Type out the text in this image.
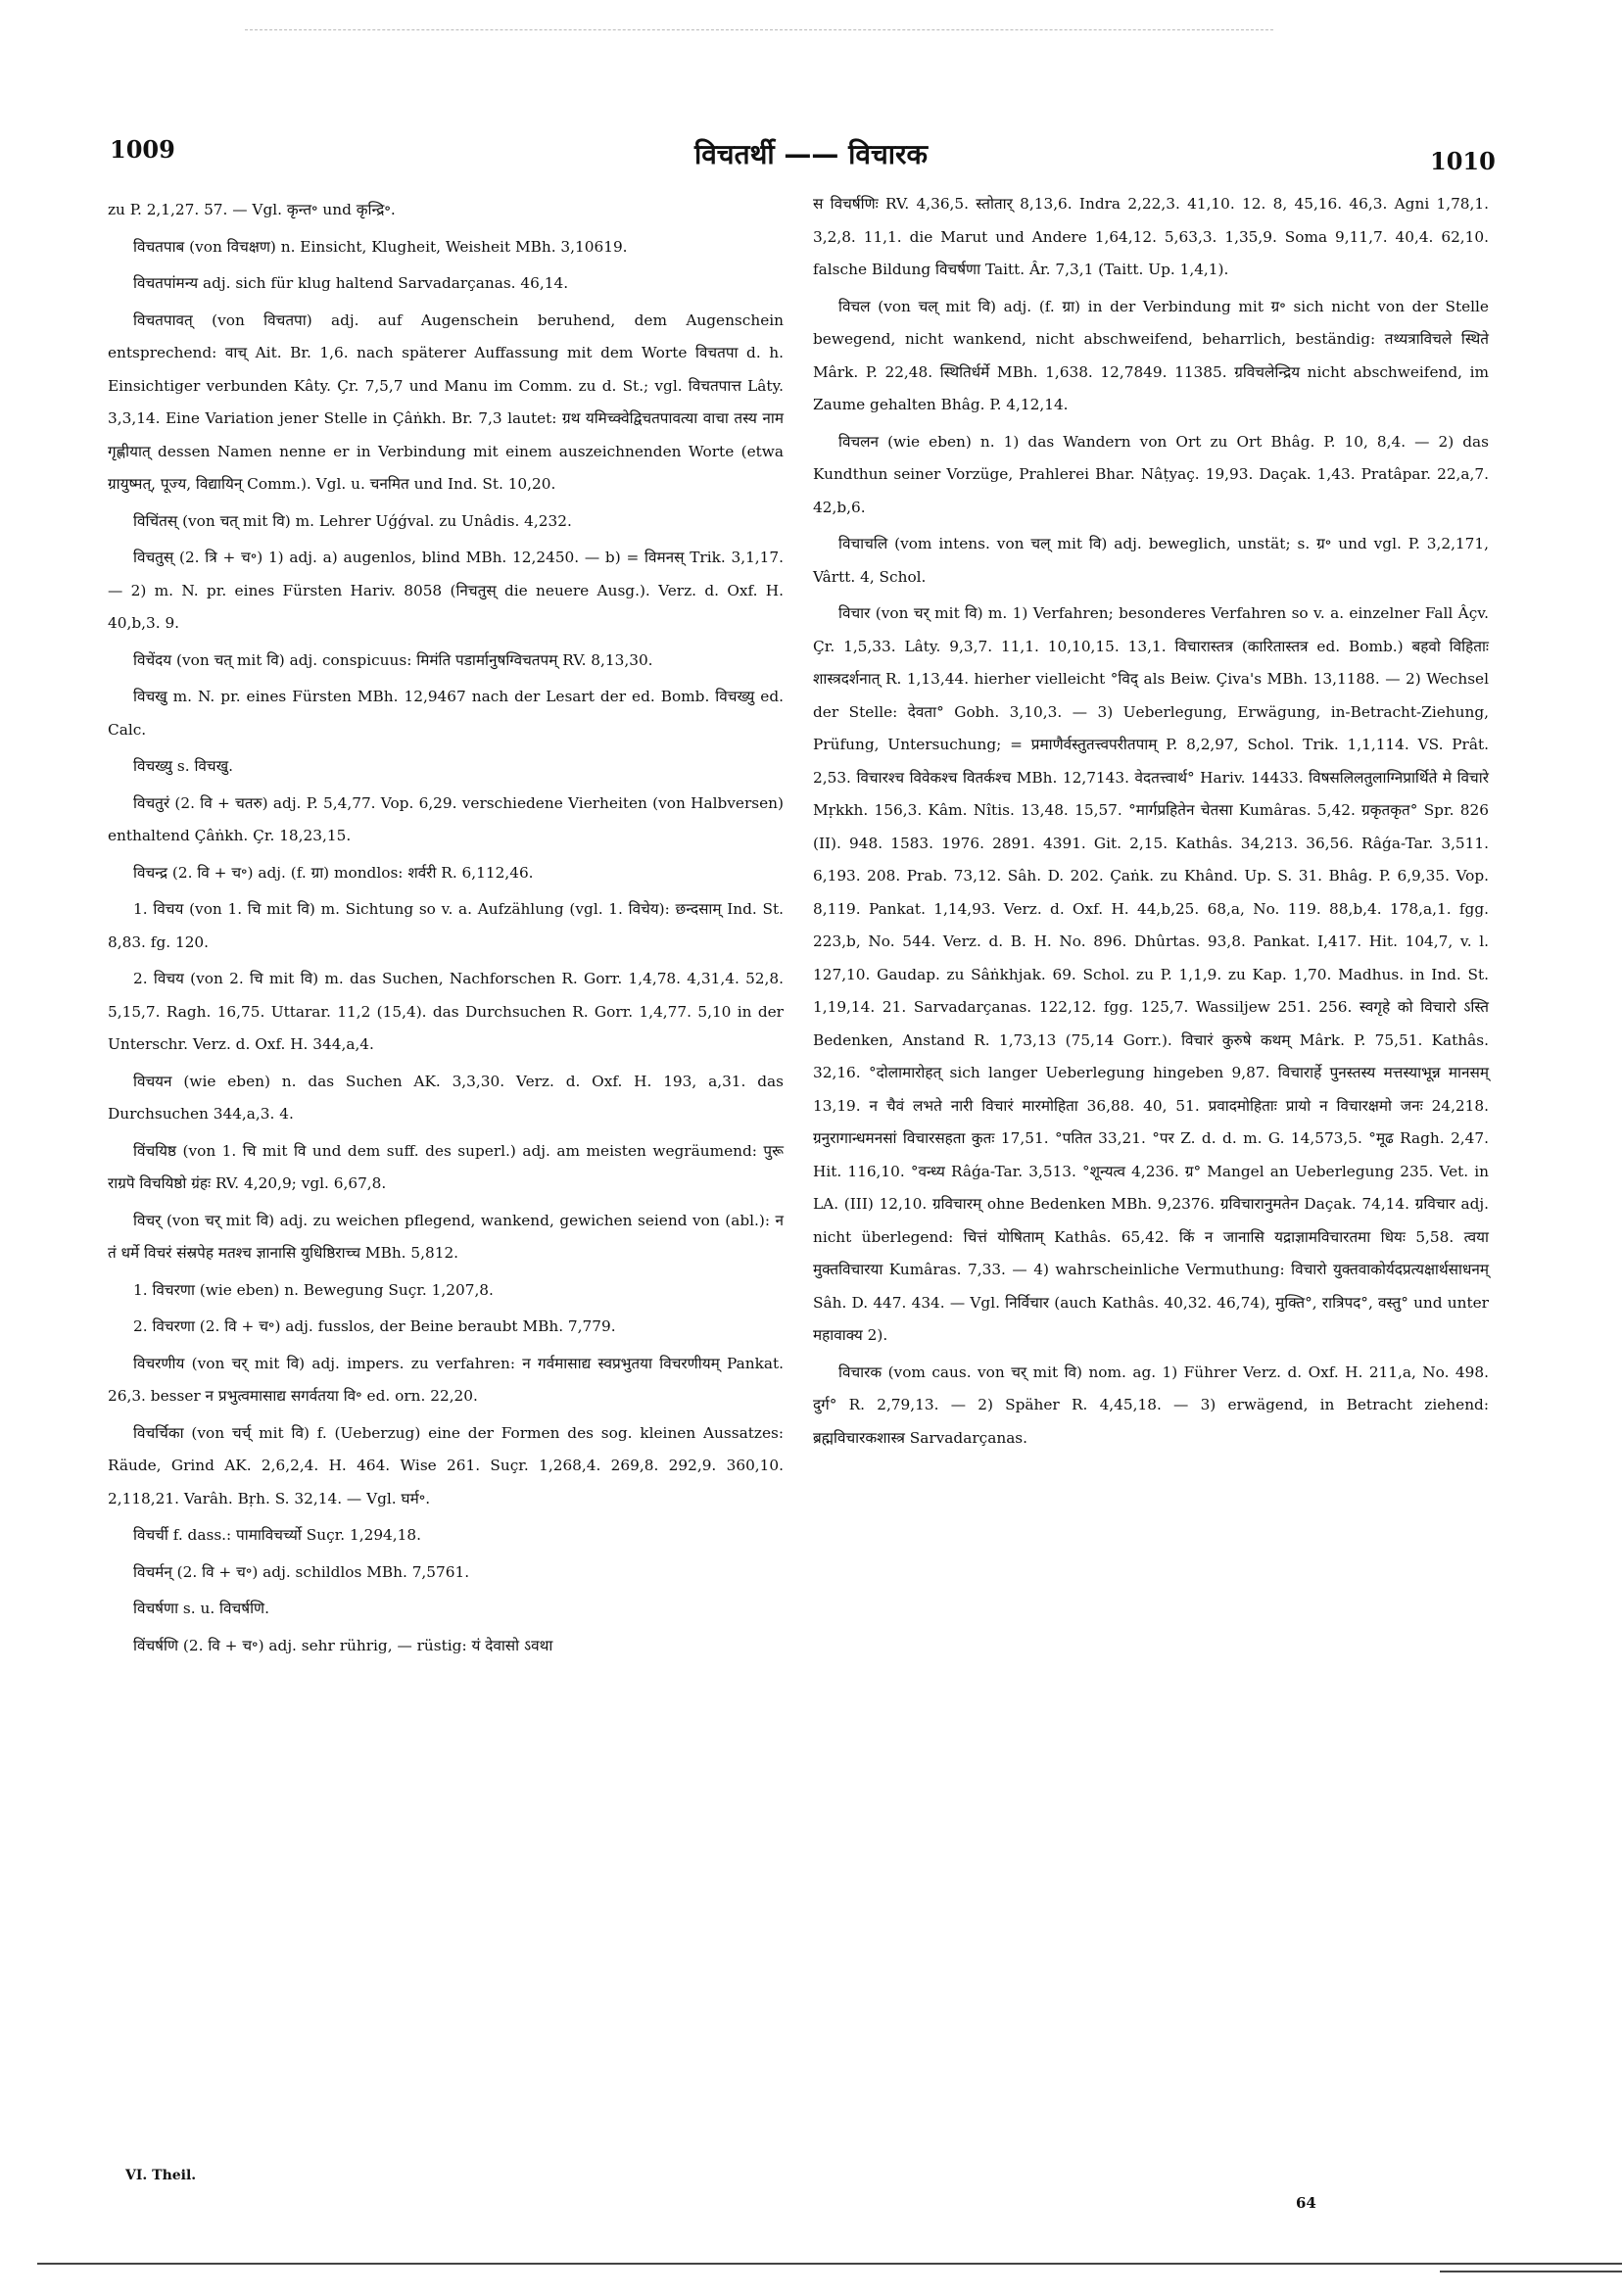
1009	विचतर्थी —— विचारक	1010

zu P. 2,1,27. 57. — Vgl. कृन्त॰ und कृन्द्रि॰.

विचतपाब (von विचक्षण) n. Einsicht, Klugheit, Weisheit MBh. 3,10619.

विचतपांमन्य adj. sich für klug haltend Sarvadarçanas. 46,14.

विचतपावत् (von विचतपा) adj. auf Augenschein beruhend, dem Augenschein entsprechend: वाच् Ait. Br. 1,6. nach späterer Auffassung mit dem Worte विचतपा d. h. Einsichtiger verbunden Kâty. Çr. 7,5,7 und Manu im Comm. zu d. St.; vgl. विचतपात्त Lâty. 3,3,14. Eine Variation jener Stelle in Çâṅkh. Br. 7,3 lautet: ग्रथ यमिच्क्वेद्विचतपावत्या वाचा तस्य नाम गृह्णीयात् dessen Namen nenne er in Verbindung mit einem auszeichnenden Worte (etwa ग्रायुष्मत्, पूज्य, विद्यायिन् Comm.). Vgl. u. चनमित und Ind. St. 10,20.

विचिंतस् (von चत् mit वि) m. Lehrer Uǵǵval. zu Unâdis. 4,232.

विचतुस् (2. त्रि + च॰) 1) adj. a) augenlos, blind MBh. 12,2450. — b) = विमनस् Trik. 3,1,17. — 2) m. N. pr. eines Fürsten Hariv. 8058 (निचतुस् die neuere Ausg.). Verz. d. Oxf. H. 40,b,3. 9.

विचेंदय (von चत् mit वि) adj. conspicuus: मिमंति पडार्मानुषग्विचतपम् RV. 8,13,30.

विचखु m. N. pr. eines Fürsten MBh. 12,9467 nach der Lesart der ed. Bomb. विचख्यु ed. Calc.

विचख्यु s. विचखु.

विचतुरं (2. वि + चतरु) adj. P. 5,4,77. Vop. 6,29. verschiedene Vierheiten (von Halbversen) enthaltend Çâṅkh. Çr. 18,23,15.

विचन्द्र (2. वि + च॰) adj. (f. ग्रा) mondlos: शर्वरी R. 6,112,46.

1. विचय (von 1. चि mit वि) m. Sichtung so v. a. Aufzählung (vgl. 1. विचेय): छन्दसाम् Ind. St. 8,83. fg. 120.

2. विचय (von 2. चि mit वि) m. das Suchen, Nachforschen R. Gorr. 1,4,78. 4,31,4. 52,8. 5,15,7. Ragh. 16,75. Uttarar. 11,2 (15,4). das Durchsuchen R. Gorr. 1,4,77. 5,10 in der Unterschr. Verz. d. Oxf. H. 344,a,4.

विचयन (wie eben) n. das Suchen AK. 3,3,30. Verz. d. Oxf. H. 193, a,31. das Durchsuchen 344,a,3. 4.

विंचयिष्ठ (von 1. चि mit वि und dem suff. des superl.) adj. am meisten wegräumend: पुरू राग्रपॆ विचयिष्ठो ग्रंहः RV. 4,20,9; vgl. 6,67,8.

विचर् (von चर् mit वि) adj. zu weichen pflegend, wankend, gewichen seiend von (abl.): न तं धर्मे विचरं संस्रपेह मतश्च ज्ञानासि युधिष्ठिराच्च MBh. 5,812.

1. विचरणा (wie eben) n. Bewegung Suçr. 1,207,8.

2. विचरणा (2. वि + च॰) adj. fusslos, der Beine beraubt MBh. 7,779.

विचरणीय (von चर् mit वि) adj. impers. zu verfahren: न गर्वमासाद्य स्वप्रभुतया विचरणीयम् Pankat. 26,3. besser न प्रभुत्वमासाद्य सगर्वतया वि॰ ed. orn. 22,20.

विचर्चिका (von चर्च् mit वि) f. (Ueberzug) eine der Formen des sog. kleinen Aussatzes: Räude, Grind AK. 2,6,2,4. H. 464. Wise 261. Suçr. 1,268,4. 269,8. 292,9. 360,10. 2,118,21. Varâh. Bṛh. S. 32,14. — Vgl. घर्म॰.

विचर्ची f. dass.: पामाविचर्च्यो Suçr. 1,294,18.

विचर्मन् (2. वि + च॰) adj. schildlos MBh. 7,5761.

विचर्षणा s. u. विचर्षणि.

विंचर्षणि (2. वि + च॰) adj. sehr rührig, — rüstig: यं देवासो ऽवथा

स विचर्षणिः RV. 4,36,5. स्तोतार् 8,13,6. Indra 2,22,3. 41,10. 12. 8, 45,16. 46,3. Agni 1,78,1. 3,2,8. 11,1. die Marut und Andere 1,64,12. 5,63,3. 1,35,9. Soma 9,11,7. 40,4. 62,10. falsche Bildung विचर्षणा Taitt. Âr. 7,3,1 (Taitt. Up. 1,4,1).

विचल (von चल् mit वि) adj. (f. ग्रा) in der Verbindung mit ग्र॰ sich nicht von der Stelle bewegend, nicht wankend, nicht abschweifend, beharrlich, beständig: तथ्यत्राविचले स्थिते Mârk. P. 22,48. स्थितिर्धर्मे MBh. 1,638. 12,7849. 11385. ग्रविचलेन्द्रिय nicht abschweifend, im Zaume gehalten Bhâg. P. 4,12,14.

विचलन (wie eben) n. 1) das Wandern von Ort zu Ort Bhâg. P. 10, 8,4. — 2) das Kundthun seiner Vorzüge, Prahlerei Bhar. Nâṭyaç. 19,93. Daçak. 1,43. Pratâpar. 22,a,7. 42,b,6.

विचाचलि (vom intens. von चल् mit वि) adj. beweglich, unstät; s. ग्र॰ und vgl. P. 3,2,171, Vârtt. 4, Schol.

विचार (von चर् mit वि) m. 1) Verfahren; besonderes Verfahren so v. a. einzelner Fall Âçv. Çr. 1,5,33. Lâty. 9,3,7. 11,1. 10,10,15. 13,1. विचारास्तत्र (कारितास्तत्र ed. Bomb.) बहवो विहिताः शास्त्रदर्शनात् R. 1,13,44. hierher vielleicht °विद् als Beiw. Çiva's MBh. 13,1188. — 2) Wechsel der Stelle: देवता° Gobh. 3,10,3. — 3) Ueberlegung, Erwägung, in-Betracht-Ziehung, Prüfung, Untersuchung; = प्रमाणैर्वस्तुतत्त्वपरीतपाम् P. 8,2,97, Schol. Trik. 1,1,114. VS. Prât. 2,53. विचारश्च विवेकश्च वितर्कश्च MBh. 12,7143. वेदतत्त्वार्थ° Hariv. 14433. विषसलिलतुलाग्निप्रार्थिते मे विचारे Mṛkkh. 156,3. Kâm. Nîtis. 13,48. 15,57. °मार्गप्रहितेन चेतसा Kumâras. 5,42. ग्रकृतकृत° Spr. 826 (II). 948. 1583. 1976. 2891. 4391. Git. 2,15. Kathâs. 34,213. 36,56. Râǵa-Tar. 3,511. 6,193. 208. Prab. 73,12. Sâh. D. 202. Çaṅk. zu Khând. Up. S. 31. Bhâg. P. 6,9,35. Vop. 8,119. Pankat. 1,14,93. Verz. d. Oxf. H. 44,b,25. 68,a, No. 119. 88,b,4. 178,a,1. fgg. 223,b, No. 544. Verz. d. B. H. No. 896. Dhûrtas. 93,8. Pankat. I,417. Hit. 104,7, v. l. 127,10. Gaudap. zu Sâṅkhjak. 69. Schol. zu P. 1,1,9. zu Kap. 1,70. Madhus. in Ind. St. 1,19,14. 21. Sarvadarçanas. 122,12. fgg. 125,7. Wassiljew 251. 256. स्वगृहे को विचारो ऽस्ति Bedenken, Anstand R. 1,73,13 (75,14 Gorr.). विचारं कुरुषे कथम् Mârk. P. 75,51. Kathâs. 32,16. °दोलामारोहत् sich langer Ueberlegung hingeben 9,87. विचारार्हे पुनस्तस्य मत्तस्याभून्न मानसम् 13,19. न चैवं लभते नारी विचारं मारमोहिता 36,88. 40, 51. प्रवादमोहिताः प्रायो न विचारक्षमो जनः 24,218. ग्रनुरागान्धमनसां विचारसहता कुतः 17,51. °पतित 33,21. °पर Z. d. d. m. G. 14,573,5. °मूढ Ragh. 2,47. Hit. 116,10. °वन्ध्य Râǵa-Tar. 3,513. °शून्यत्व 4,236. ग्र° Mangel an Ueberlegung 235. Vet. in LA. (III) 12,10. ग्रविचारम् ohne Bedenken MBh. 9,2376. ग्रविचारानुमतेन Daçak. 74,14. ग्रविचार adj. nicht überlegend: चित्तं योषिताम् Kathâs. 65,42. किं न जानासि यद्राज्ञामविचारतमा धियः 5,58. त्वया मुक्तविचारया Kumâras. 7,33. — 4) wahrscheinliche Vermuthung: विचारो युक्तवाकोर्यदप्रत्यक्षार्थसाधनम् Sâh. D. 447. 434. — Vgl. निर्विचार (auch Kathâs. 40,32. 46,74), मुक्ति°, रात्रिपद°, वस्तु° und unter महावाक्य 2).

विचारक (vom caus. von चर् mit वि) nom. ag. 1) Führer Verz. d. Oxf. H. 211,a, No. 498. दुर्ग° R. 2,79,13. — 2) Späher R. 4,45,18. — 3) erwägend, in Betracht ziehend: ब्रह्मविचारकशास्त्र Sarvadarçanas.

VI. Theil.
64
